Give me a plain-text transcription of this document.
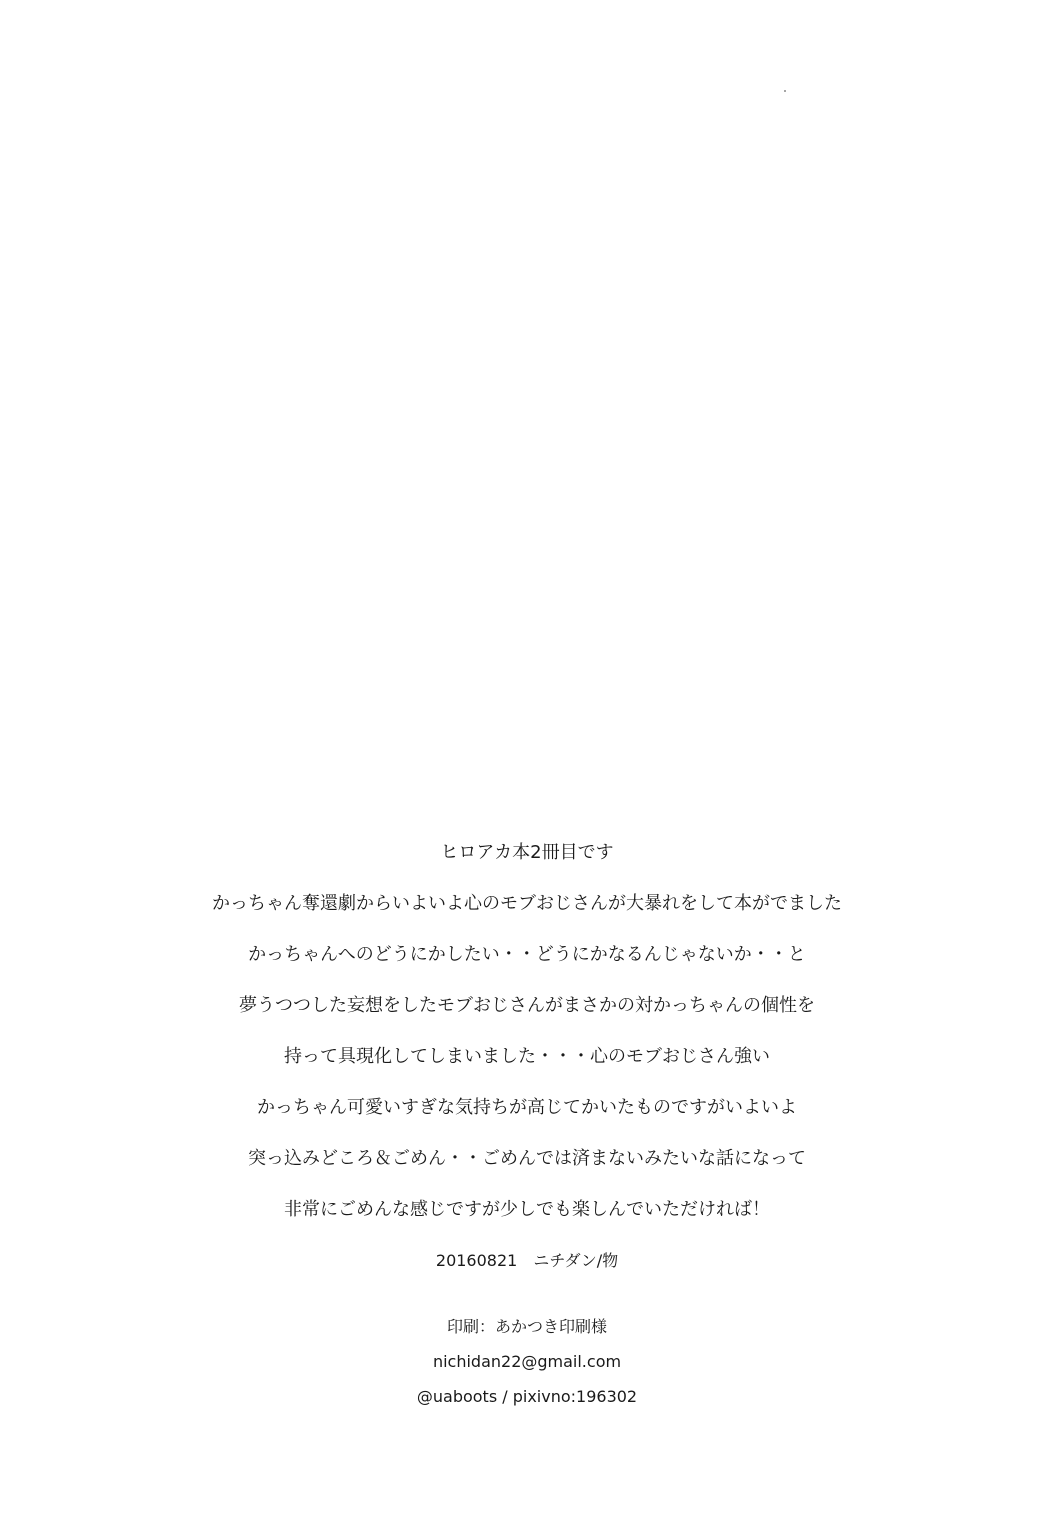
ヒロアカ本2冊目です
かっちゃん奪還劇からいよいよ心のモブおじさんが大暴れをして本がでました
かっちゃんへのどうにかしたい・・どうにかなるんじゃないか・・と
夢うつつした妄想をしたモブおじさんがまさかの対かっちゃんの個性を
持って具現化してしまいました・・・心のモブおじさん強い
かっちゃん可愛いすぎな気持ちが高じてかいたものですがいよいよ
突っ込みどころ＆ごめん・・ごめんでは済まないみたいな話になって
非常にごめんな感じですが少しでも楽しんでいただければ！
20160821　ニチダン/物
印刷：あかつき印刷様
nichidan22@gmail.com
@uaboots / pixivno:196302
